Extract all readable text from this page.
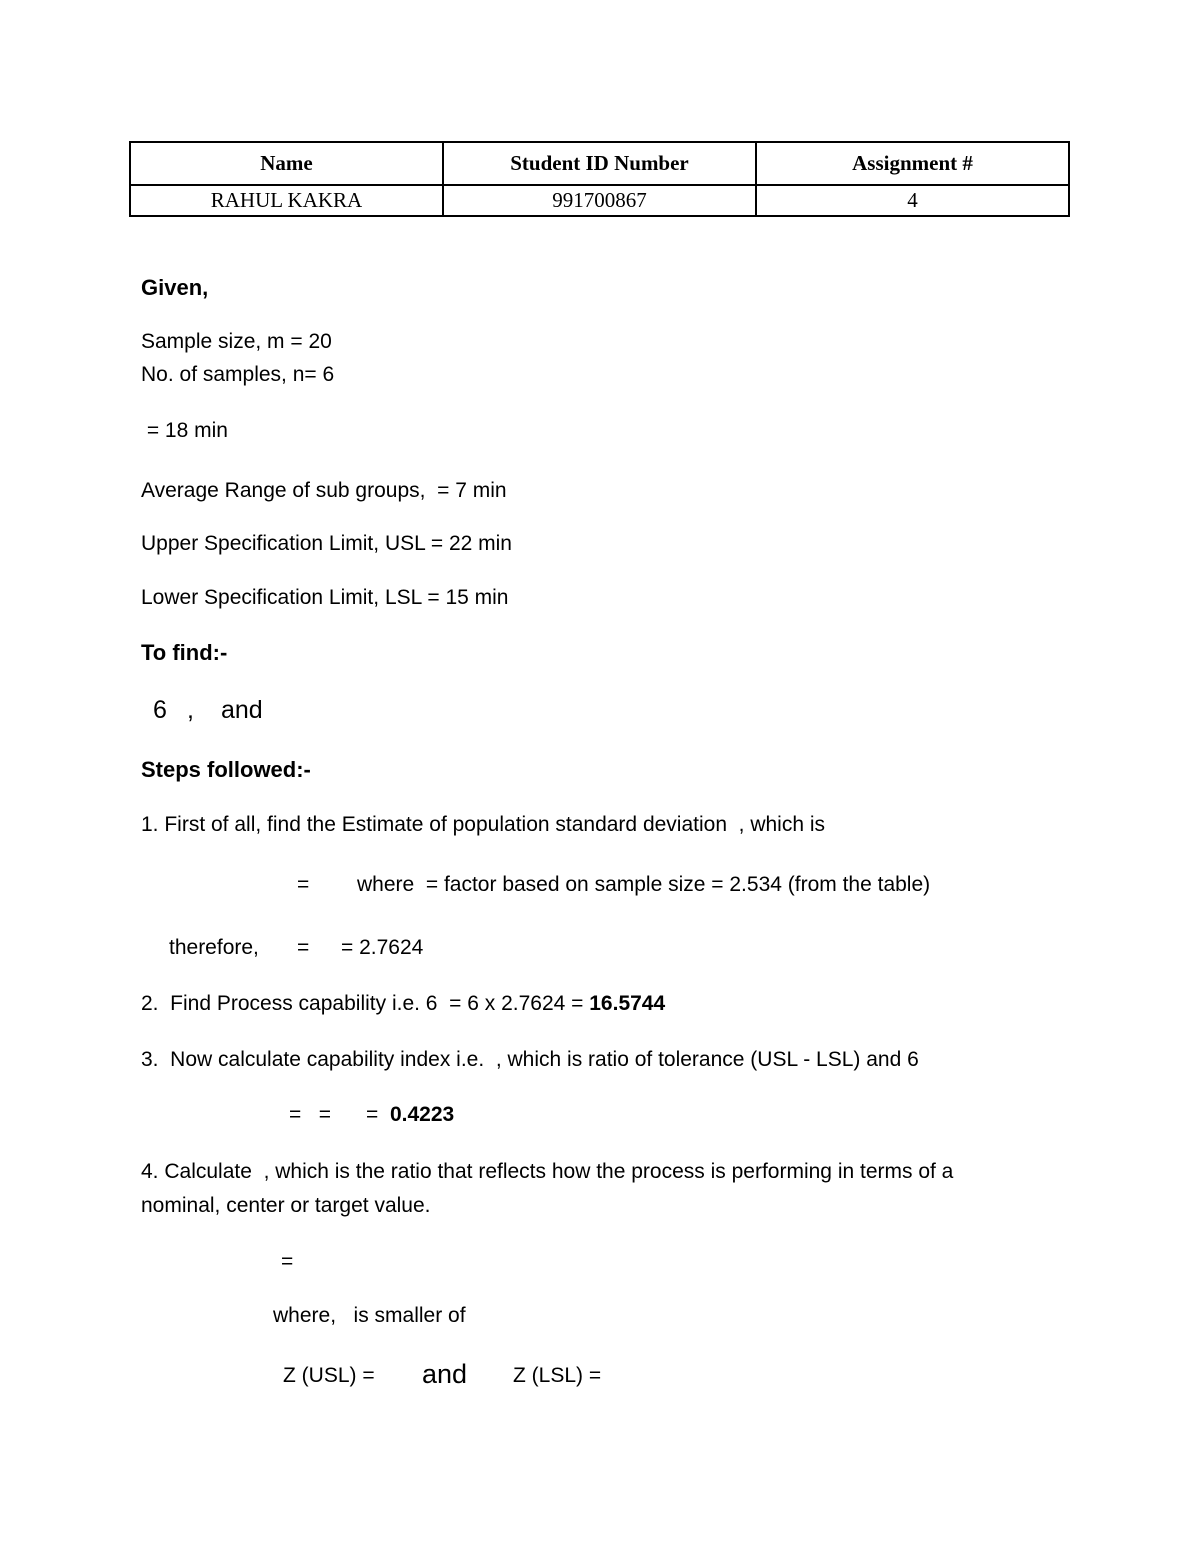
Name	Student ID Number	Assignment #
RAHUL KAKRA	991700867	4
Given,
Sample size, m = 20
No. of samples, n= 6
= 18 min
Average Range of sub groups,  = 7 min
Upper Specification Limit, USL = 22 min
Lower Specification Limit, LSL = 15 min
To find:-
6 , and
Steps followed:-
1. First of all, find the Estimate of population standard deviation  , which is
= where  = factor based on sample size = 2.534 (from the table)
therefore, = = 2.7624
2.  Find Process capability i.e. 6  = 6 x 2.7624 = 16.5744
3.  Now calculate capability index i.e.  , which is ratio of tolerance (USL - LSL) and 6
=   =      =  0.4223
4. Calculate  , which is the ratio that reflects how the process is performing in terms of a
nominal, center or target value.
=
where,   is smaller of
Z (USL) = and Z (LSL) =
